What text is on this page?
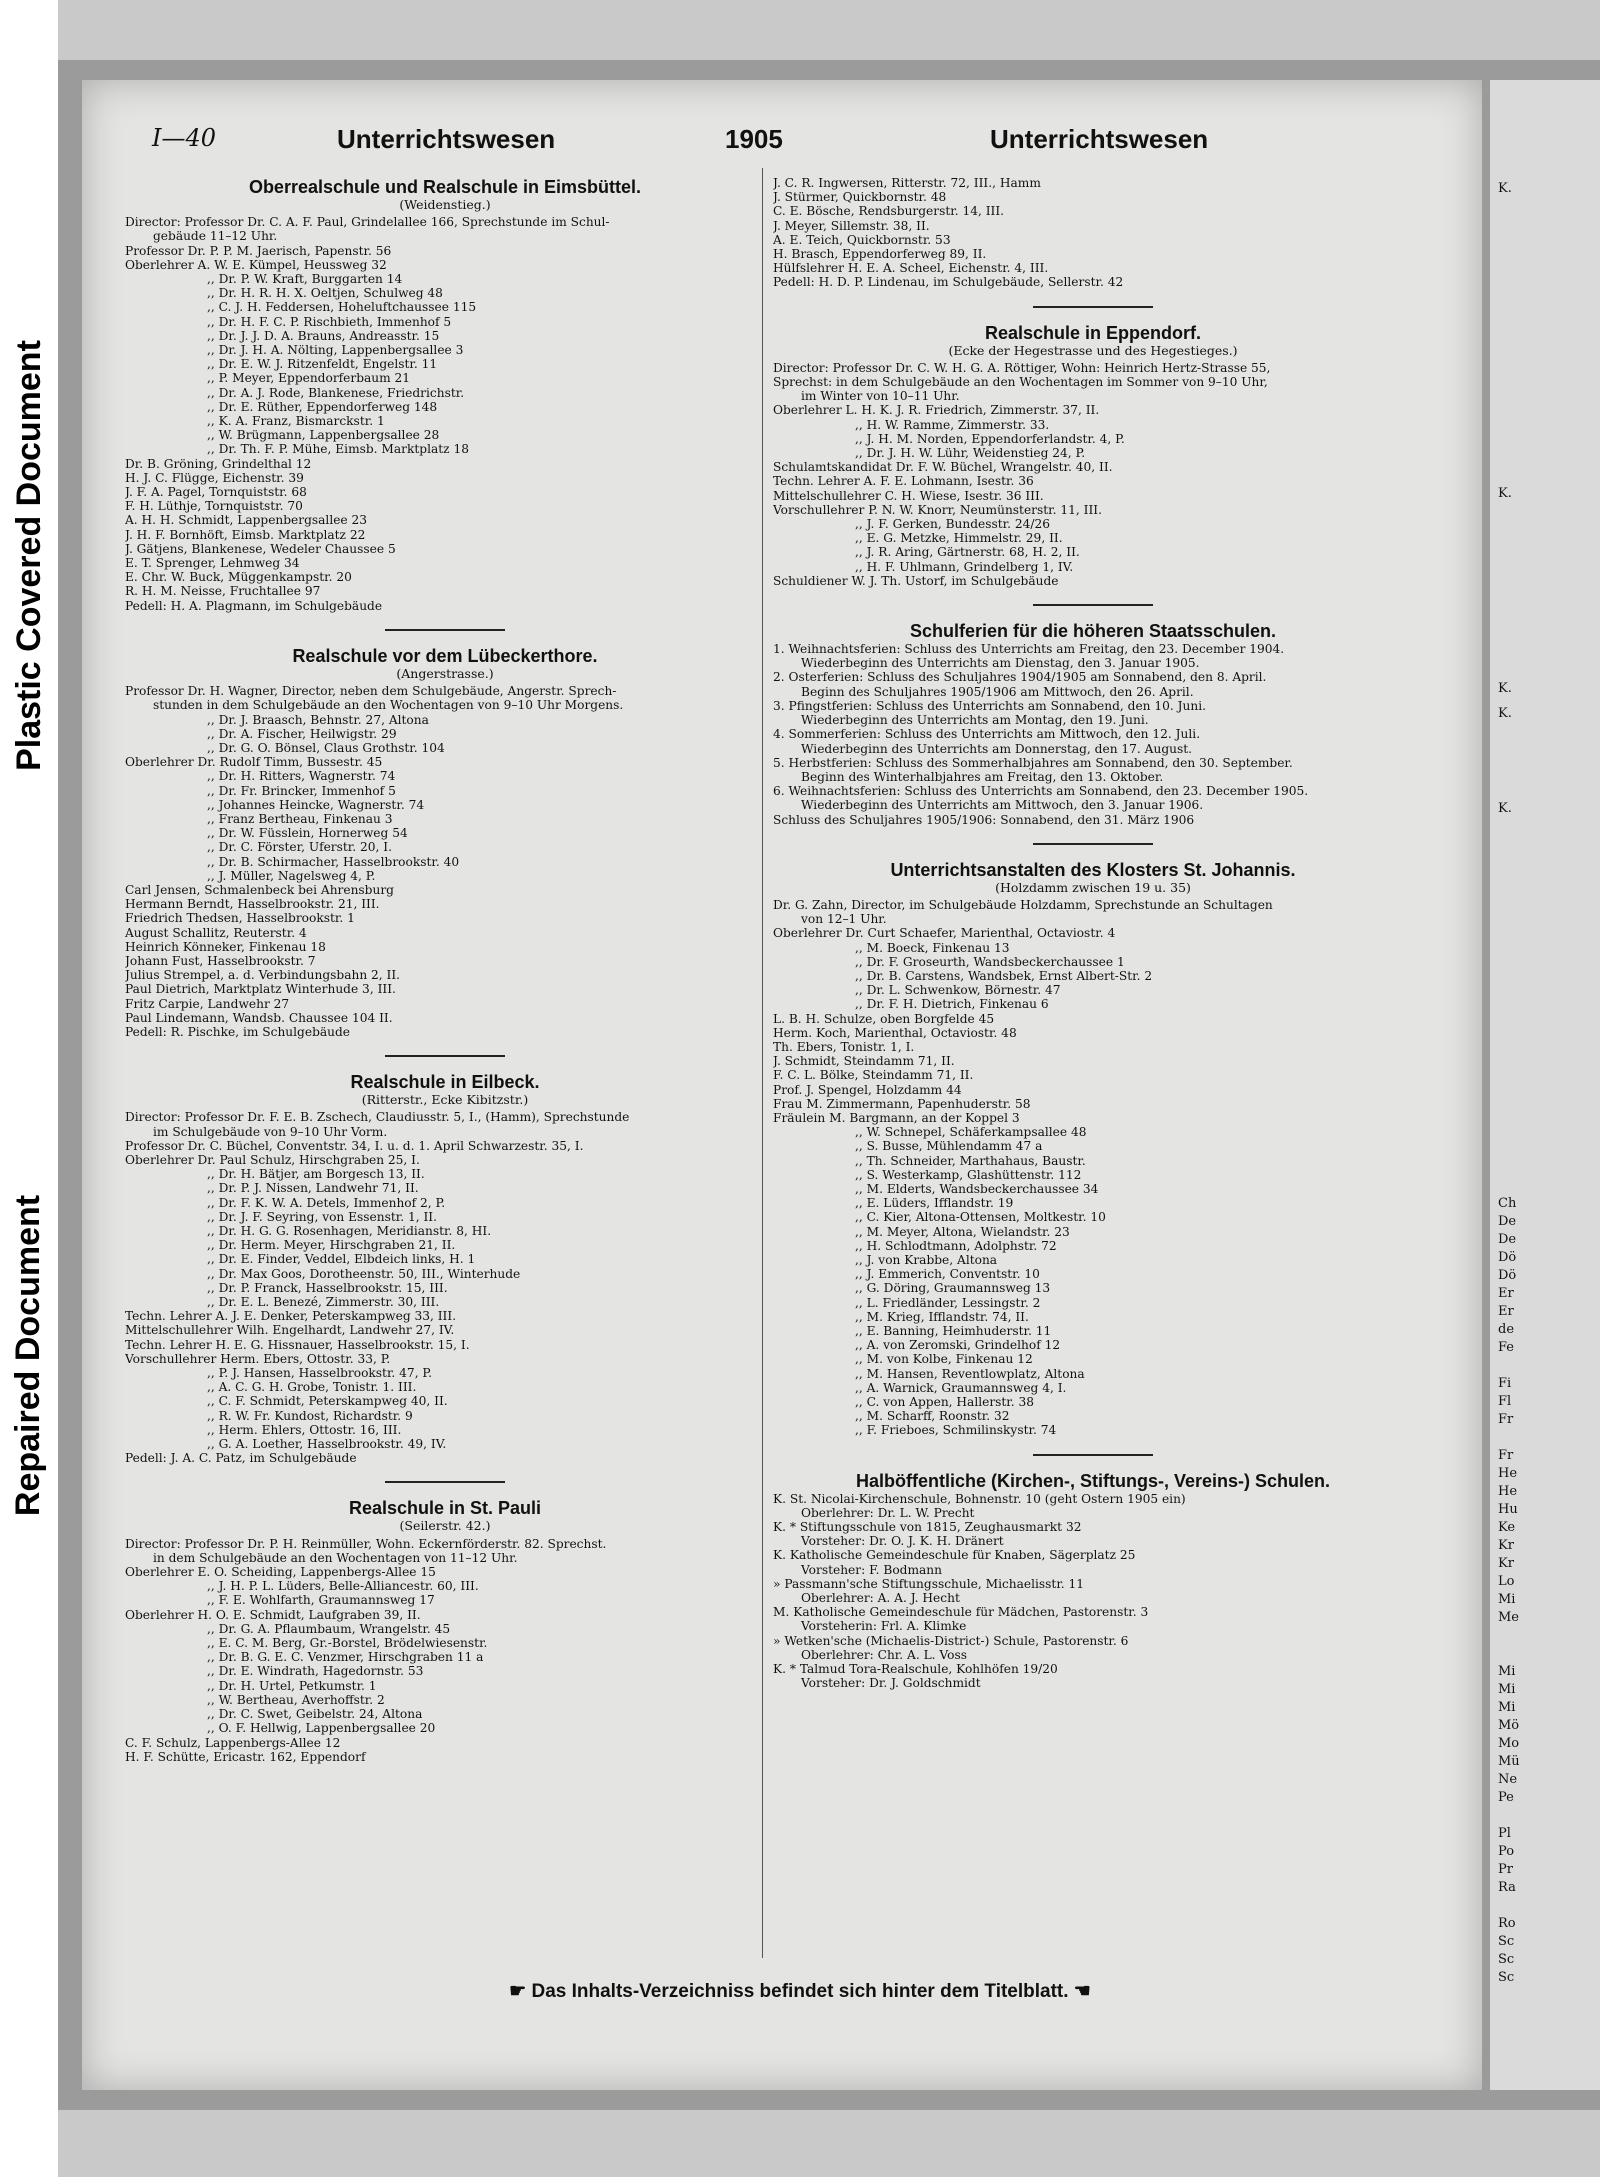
Plastic Covered Document
Repaired Document
K.
K.
K.
K.
K.
Ch
De
De
Dö
Dö
Er
Er
de
Fe
Fi
Fl
Fr
Fr
He
He
Hu
Ke
Kr
Kr
Lo
Mi
Me
Mi
Mi
Mi
Mö
Mo
Mü
Ne
Pe
Pl
Po
Pr
Ra
Ro
Sc
Sc
Sc
I—40	Unterrichtswesen	1905	Unterrichtswesen
Oberrealschule und Realschule in Eimsbüttel.
(Weidenstieg.)
Director: Professor Dr. C. A. F. Paul, Grindelallee 166, Sprechstunde im Schul-
gebäude 11–12 Uhr.
Professor Dr. P. P. M. Jaerisch, Papenstr. 56
Oberlehrer A. W. E. Kümpel, Heussweg 32
,, Dr. P. W. Kraft, Burggarten 14
,, Dr. H. R. H. X. Oeltjen, Schulweg 48
,, C. J. H. Feddersen, Hoheluftchaussee 115
,, Dr. H. F. C. P. Rischbieth, Immenhof 5
,, Dr. J. J. D. A. Brauns, Andreasstr. 15
,, Dr. J. H. A. Nölting, Lappenbergsallee 3
,, Dr. E. W. J. Ritzenfeldt, Engelstr. 11
,, P. Meyer, Eppendorferbaum 21
,, Dr. A. J. Rode, Blankenese, Friedrichstr.
,, Dr. E. Rüther, Eppendorferweg 148
,, K. A. Franz, Bismarckstr. 1
,, W. Brügmann, Lappenbergsallee 28
,, Dr. Th. F. P. Mühe, Eimsb. Marktplatz 18
Dr. B. Gröning, Grindelthal 12
H. J. C. Flügge, Eichenstr. 39
J. F. A. Pagel, Tornquiststr. 68
F. H. Lüthje, Tornquiststr. 70
A. H. H. Schmidt, Lappenbergsallee 23
J. H. F. Bornhöft, Eimsb. Marktplatz 22
J. Gätjens, Blankenese, Wedeler Chaussee 5
E. T. Sprenger, Lehmweg 34
E. Chr. W. Buck, Müggenkampstr. 20
R. H. M. Neisse, Fruchtallee 97
Pedell: H. A. Plagmann, im Schulgebäude
Realschule vor dem Lübeckerthore.
(Angerstrasse.)
Professor Dr. H. Wagner, Director, neben dem Schulgebäude, Angerstr. Sprech-
stunden in dem Schulgebäude an den Wochentagen von 9–10 Uhr Morgens.
,, Dr. J. Braasch, Behnstr. 27, Altona
,, Dr. A. Fischer, Heilwigstr. 29
,, Dr. G. O. Bönsel, Claus Grothstr. 104
Oberlehrer Dr. Rudolf Timm, Bussestr. 45
,, Dr. H. Ritters, Wagnerstr. 74
,, Dr. Fr. Brincker, Immenhof 5
,, Johannes Heincke, Wagnerstr. 74
,, Franz Bertheau, Finkenau 3
,, Dr. W. Füsslein, Hornerweg 54
,, Dr. C. Förster, Uferstr. 20, I.
,, Dr. B. Schirmacher, Hasselbrookstr. 40
,, J. Müller, Nagelsweg 4, P.
Carl Jensen, Schmalenbeck bei Ahrensburg
Hermann Berndt, Hasselbrookstr. 21, III.
Friedrich Thedsen, Hasselbrookstr. 1
August Schallitz, Reuterstr. 4
Heinrich Könneker, Finkenau 18
Johann Fust, Hasselbrookstr. 7
Julius Strempel, a. d. Verbindungsbahn 2, II.
Paul Dietrich, Marktplatz Winterhude 3, III.
Fritz Carpie, Landwehr 27
Paul Lindemann, Wandsb. Chaussee 104 II.
Pedell: R. Pischke, im Schulgebäude
Realschule in Eilbeck.
(Ritterstr., Ecke Kibitzstr.)
Director: Professor Dr. F. E. B. Zschech, Claudiusstr. 5, I., (Hamm), Sprechstunde
im Schulgebäude von 9–10 Uhr Vorm.
Professor Dr. C. Büchel, Conventstr. 34, I. u. d. 1. April Schwarzestr. 35, I.
Oberlehrer Dr. Paul Schulz, Hirschgraben 25, I.
,, Dr. H. Bätjer, am Borgesch 13, II.
,, Dr. P. J. Nissen, Landwehr 71, II.
,, Dr. F. K. W. A. Detels, Immenhof 2, P.
,, Dr. J. F. Seyring, von Essenstr. 1, II.
,, Dr. H. G. G. Rosenhagen, Meridianstr. 8, HI.
,, Dr. Herm. Meyer, Hirschgraben 21, II.
,, Dr. E. Finder, Veddel, Elbdeich links, H. 1
,, Dr. Max Goos, Dorotheenstr. 50, III., Winterhude
,, Dr. P. Franck, Hasselbrookstr. 15, III.
,, Dr. E. L. Benezé, Zimmerstr. 30, III.
Techn. Lehrer A. J. E. Denker, Peterskampweg 33, III.
Mittelschullehrer Wilh. Engelhardt, Landwehr 27, IV.
Techn. Lehrer H. E. G. Hissnauer, Hasselbrookstr. 15, I.
Vorschullehrer Herm. Ebers, Ottostr. 33, P.
,, P. J. Hansen, Hasselbrookstr. 47, P.
,, A. C. G. H. Grobe, Tonistr. 1. III.
,, C. F. Schmidt, Peterskampweg 40, II.
,, R. W. Fr. Kundost, Richardstr. 9
,, Herm. Ehlers, Ottostr. 16, III.
,, G. A. Loether, Hasselbrookstr. 49, IV.
Pedell: J. A. C. Patz, im Schulgebäude
Realschule in St. Pauli
(Seilerstr. 42.)
Director: Professor Dr. P. H. Reinmüller, Wohn. Eckernförderstr. 82. Sprechst.
in dem Schulgebäude an den Wochentagen von 11–12 Uhr.
Oberlehrer E. O. Scheiding, Lappenbergs-Allee 15
,, J. H. P. L. Lüders, Belle-Alliancestr. 60, III.
,, F. E. Wohlfarth, Graumannsweg 17
Oberlehrer H. O. E. Schmidt, Laufgraben 39, II.
,, Dr. G. A. Pflaumbaum, Wrangelstr. 45
,, E. C. M. Berg, Gr.-Borstel, Brödelwiesenstr.
,, Dr. B. G. E. C. Venzmer, Hirschgraben 11 a
,, Dr. E. Windrath, Hagedornstr. 53
,, Dr. H. Urtel, Petkumstr. 1
,, W. Bertheau, Averhoffstr. 2
,, Dr. C. Swet, Geibelstr. 24, Altona
,, O. F. Hellwig, Lappenbergsallee 20
C. F. Schulz, Lappenbergs-Allee 12
H. F. Schütte, Ericastr. 162, Eppendorf
J. C. R. Ingwersen, Ritterstr. 72, III., Hamm
J. Stürmer, Quickbornstr. 48
C. E. Bösche, Rendsburgerstr. 14, III.
J. Meyer, Sillemstr. 38, II.
A. E. Teich, Quickbornstr. 53
H. Brasch, Eppendorferweg 89, II.
Hülfslehrer H. E. A. Scheel, Eichenstr. 4, III.
Pedell: H. D. P. Lindenau, im Schulgebäude, Sellerstr. 42
Realschule in Eppendorf.
(Ecke der Hegestrasse und des Hegestieges.)
Director: Professor Dr. C. W. H. G. A. Röttiger, Wohn: Heinrich Hertz-Strasse 55,
Sprechst: in dem Schulgebäude an den Wochentagen im Sommer von 9–10 Uhr,
im Winter von 10–11 Uhr.
Oberlehrer L. H. K. J. R. Friedrich, Zimmerstr. 37, II.
,, H. W. Ramme, Zimmerstr. 33.
,, J. H. M. Norden, Eppendorferlandstr. 4, P.
,, Dr. J. H. W. Lühr, Weidenstieg 24, P.
Schulamtskandidat Dr. F. W. Büchel, Wrangelstr. 40, II.
Techn. Lehrer A. F. E. Lohmann, Isestr. 36
Mittelschullehrer C. H. Wiese, Isestr. 36 III.
Vorschullehrer P. N. W. Knorr, Neumünsterstr. 11, III.
,, J. F. Gerken, Bundesstr. 24/26
,, E. G. Metzke, Himmelstr. 29, II.
,, J. R. Aring, Gärtnerstr. 68, H. 2, II.
,, H. F. Uhlmann, Grindelberg 1, IV.
Schuldiener W. J. Th. Ustorf, im Schulgebäude
Schulferien für die höheren Staatsschulen.
1. Weihnachtsferien: Schluss des Unterrichts am Freitag, den 23. December 1904.
Wiederbeginn des Unterrichts am Dienstag, den 3. Januar 1905.
2. Osterferien: Schluss des Schuljahres 1904/1905 am Sonnabend, den 8. April.
Beginn des Schuljahres 1905/1906 am Mittwoch, den 26. April.
3. Pfingstferien: Schluss des Unterrichts am Sonnabend, den 10. Juni.
Wiederbeginn des Unterrichts am Montag, den 19. Juni.
4. Sommerferien: Schluss des Unterrichts am Mittwoch, den 12. Juli.
Wiederbeginn des Unterrichts am Donnerstag, den 17. August.
5. Herbstferien: Schluss des Sommerhalbjahres am Sonnabend, den 30. September.
Beginn des Winterhalbjahres am Freitag, den 13. Oktober.
6. Weihnachtsferien: Schluss des Unterrichts am Sonnabend, den 23. December 1905.
Wiederbeginn des Unterrichts am Mittwoch, den 3. Januar 1906.
Schluss des Schuljahres 1905/1906: Sonnabend, den 31. März 1906
Unterrichtsanstalten des Klosters St. Johannis.
(Holzdamm zwischen 19 u. 35)
Dr. G. Zahn, Director, im Schulgebäude Holzdamm, Sprechstunde an Schultagen
von 12–1 Uhr.
Oberlehrer Dr. Curt Schaefer, Marienthal, Octaviostr. 4
,, M. Boeck, Finkenau 13
,, Dr. F. Groseurth, Wandsbeckerchaussee 1
,, Dr. B. Carstens, Wandsbek, Ernst Albert-Str. 2
,, Dr. L. Schwenkow, Börnestr. 47
,, Dr. F. H. Dietrich, Finkenau 6
L. B. H. Schulze, oben Borgfelde 45
Herm. Koch, Marienthal, Octaviostr. 48
Th. Ebers, Tonistr. 1, I.
J. Schmidt, Steindamm 71, II.
F. C. L. Bölke, Steindamm 71, II.
Prof. J. Spengel, Holzdamm 44
Frau M. Zimmermann, Papenhuderstr. 58
Fräulein M. Bargmann, an der Koppel 3
,, W. Schnepel, Schäferkampsallee 48
,, S. Busse, Mühlendamm 47 a
,, Th. Schneider, Marthahaus, Baustr.
,, S. Westerkamp, Glashüttenstr. 112
,, M. Elderts, Wandsbeckerchaussee 34
,, E. Lüders, Ifflandstr. 19
,, C. Kier, Altona-Ottensen, Moltkestr. 10
,, M. Meyer, Altona, Wielandstr. 23
,, H. Schlodtmann, Adolphstr. 72
,, J. von Krabbe, Altona
,, J. Emmerich, Conventstr. 10
,, G. Döring, Graumannsweg 13
,, L. Friedländer, Lessingstr. 2
,, M. Krieg, Ifflandstr. 74, II.
,, E. Banning, Heimhuderstr. 11
,, A. von Zeromski, Grindelhof 12
,, M. von Kolbe, Finkenau 12
,, M. Hansen, Reventlowplatz, Altona
,, A. Warnick, Graumannsweg 4, I.
,, C. von Appen, Hallerstr. 38
,, M. Scharff, Roonstr. 32
,, F. Frieboes, Schmilinskystr. 74
Halböffentliche (Kirchen-, Stiftungs-, Vereins-) Schulen.
K. St. Nicolai-Kirchenschule, Bohnenstr. 10 (geht Ostern 1905 ein)
Oberlehrer: Dr. L. W. Precht
K. * Stiftungsschule von 1815, Zeughausmarkt 32
Vorsteher: Dr. O. J. K. H. Dränert
K. Katholische Gemeindeschule für Knaben, Sägerplatz 25
Vorsteher: F. Bodmann
» Passmann'sche Stiftungsschule, Michaelisstr. 11
Oberlehrer: A. A. J. Hecht
M. Katholische Gemeindeschule für Mädchen, Pastorenstr. 3
Vorsteherin: Frl. A. Klimke
» Wetken'sche (Michaelis-District-) Schule, Pastorenstr. 6
Oberlehrer: Chr. A. L. Voss
K. * Talmud Tora-Realschule, Kohlhöfen 19/20
Vorsteher: Dr. J. Goldschmidt
☛ Das Inhalts-Verzeichniss befindet sich hinter dem Titelblatt. ☚
